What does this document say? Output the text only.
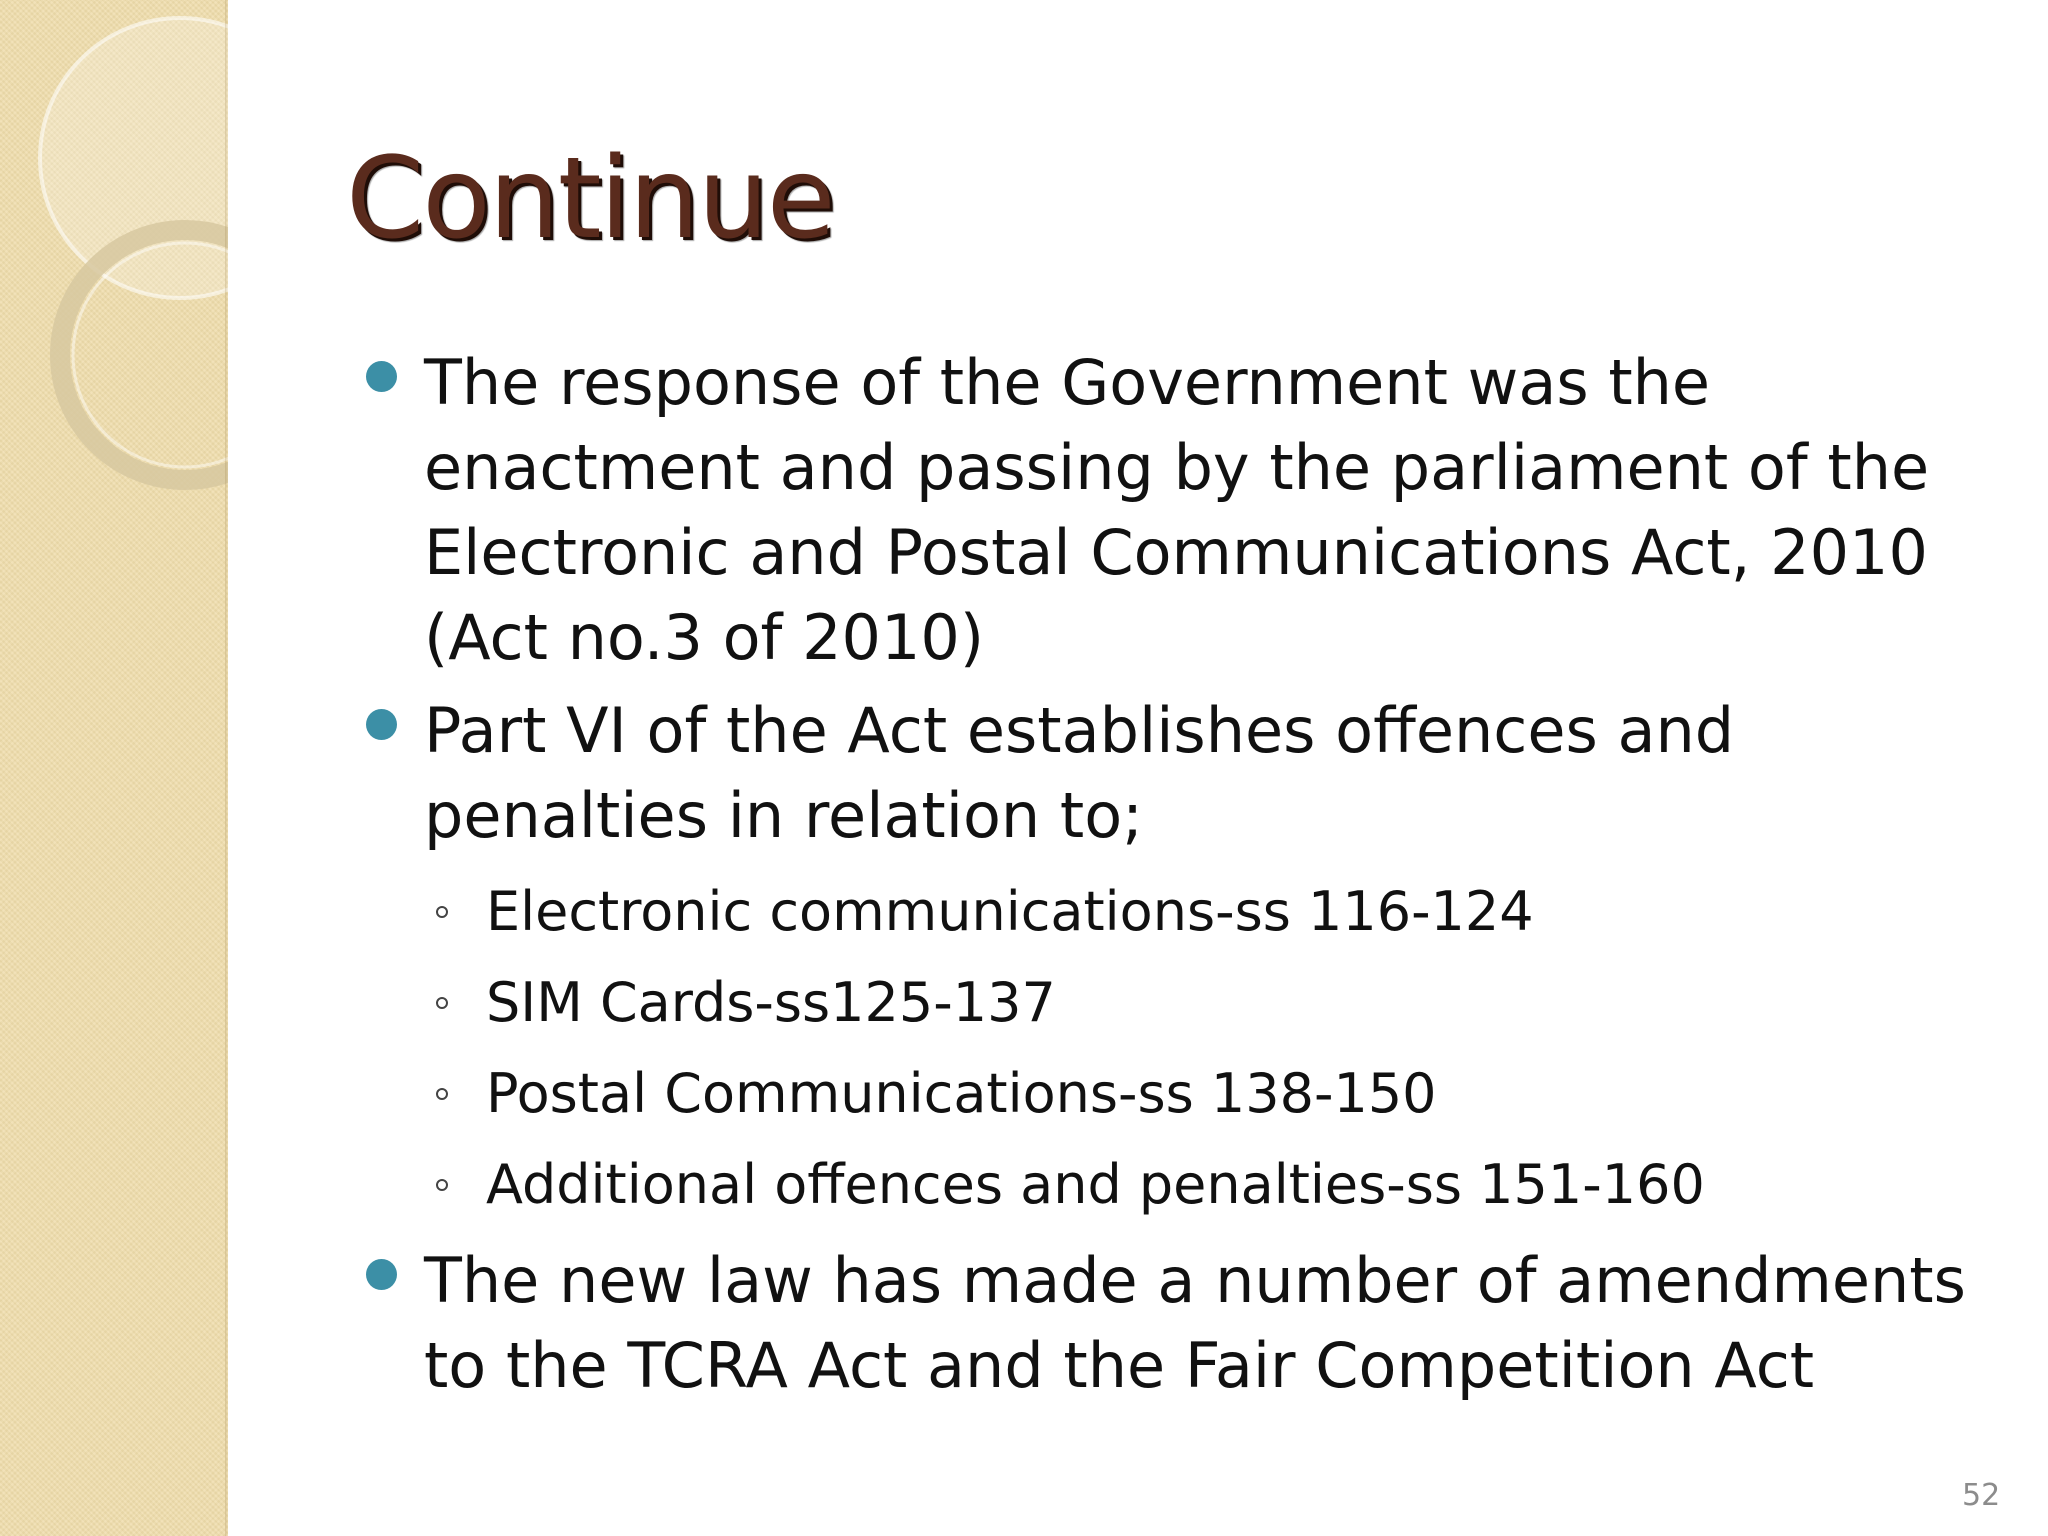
Continue
The response of the Government was the enactment and passing by the parliament of the Electronic and Postal Communications Act, 2010 (Act no.3 of 2010)
Part VI of the Act establishes offences and penalties in relation to;
Electronic communications-ss 116-124
SIM Cards-ss125-137
Postal Communications-ss 138-150
Additional offences and penalties-ss 151-160
The new law has made a number of amendments to the TCRA Act and the Fair Competition Act
52
